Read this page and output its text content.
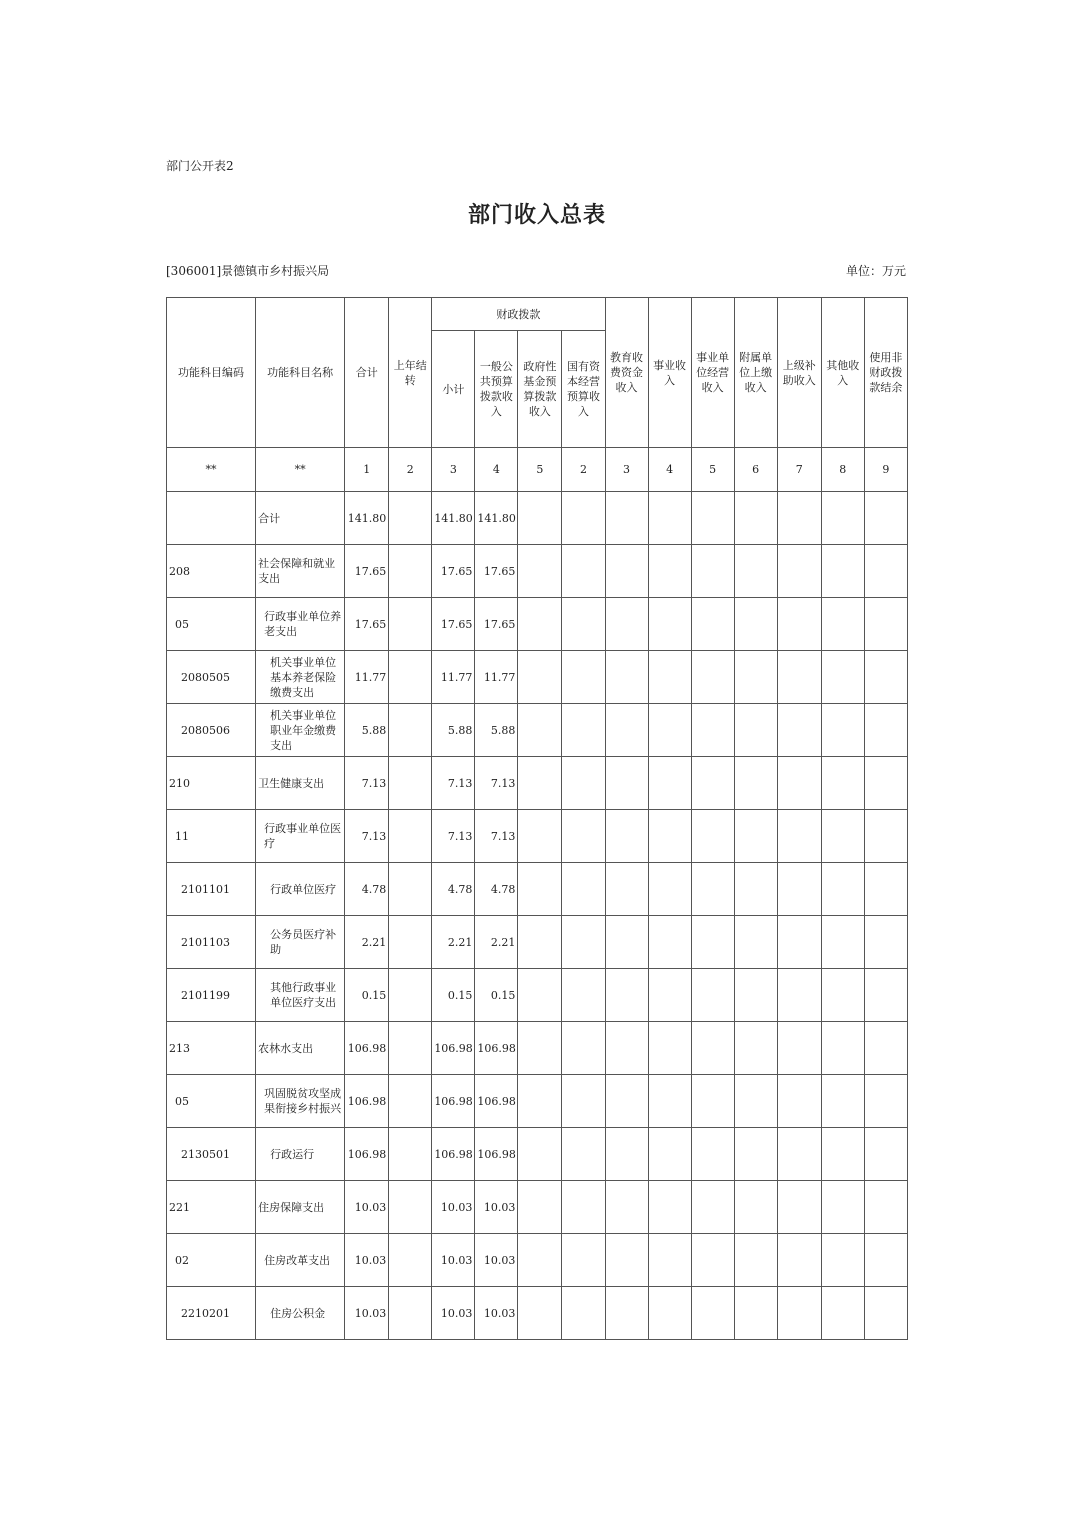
部门公开表2
部门收入总表
[306001]景德镇市乡村振兴局	单位：万元
功能科目编码	功能科目名称	合计	上年结转	财政拨款				教育收费资金收入	事业收入	事业单位经营收入	附属单位上缴收入	上级补助收入	其他收入	使用非财政拨款结余
				小计	一般公共预算拨款收入	政府性基金预算拨款收入	国有资本经营预算收入							
**	**	1	2	3	4	5	2	3	4	5	6	7	8	9
	合计	141.80		141.80	141.80									
208	社会保障和就业支出	17.65		17.65	17.65									
05	行政事业单位养老支出	17.65		17.65	17.65									
2080505	机关事业单位基本养老保险缴费支出	11.77		11.77	11.77									
2080506	机关事业单位职业年金缴费支出	5.88		5.88	5.88									
210	卫生健康支出	7.13		7.13	7.13									
11	行政事业单位医疗	7.13		7.13	7.13									
2101101	行政单位医疗	4.78		4.78	4.78									
2101103	公务员医疗补助	2.21		2.21	2.21									
2101199	其他行政事业单位医疗支出	0.15		0.15	0.15									
213	农林水支出	106.98		106.98	106.98									
05	巩固脱贫攻坚成果衔接乡村振兴	106.98		106.98	106.98									
2130501	行政运行	106.98		106.98	106.98									
221	住房保障支出	10.03		10.03	10.03									
02	住房改革支出	10.03		10.03	10.03									
2210201	住房公积金	10.03		10.03	10.03									
